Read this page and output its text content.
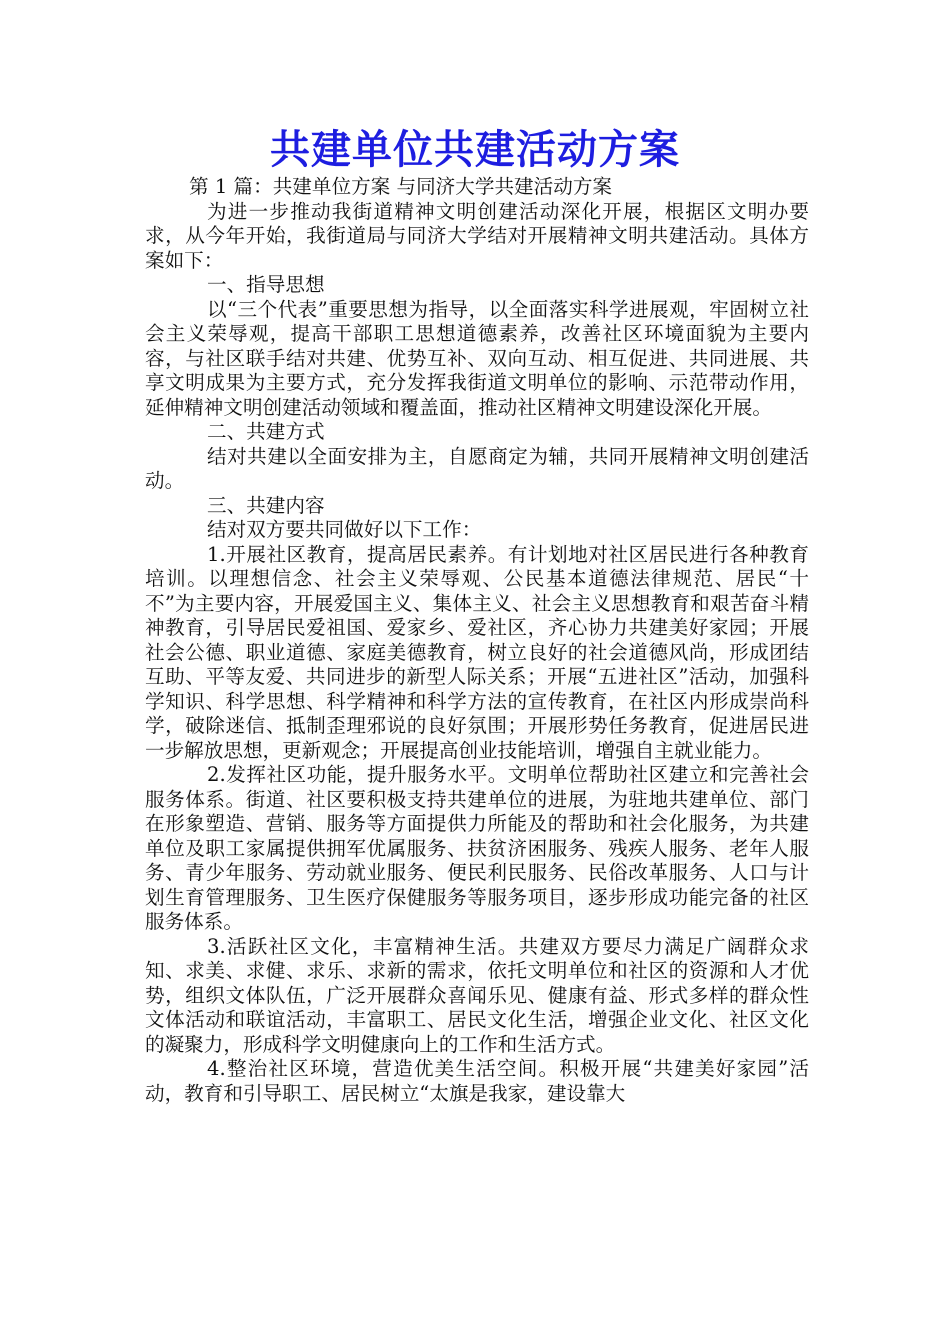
共建单位共建活动方案

第 1 篇：共建单位方案 与同济大学共建活动方案

为进一步推动我街道精神文明创建活动深化开展，根据区文明办要求，从今年开始，我街道局与同济大学结对开展精神文明共建活动。具体方案如下：

一、指导思想

以“三个代表”重要思想为指导，以全面落实科学进展观，牢固树立社会主义荣辱观，提高干部职工思想道德素养，改善社区环境面貌为主要内容，与社区联手结对共建、优势互补、双向互动、相互促进、共同进展、共享文明成果为主要方式，充分发挥我街道文明单位的影响、示范带动作用，延伸精神文明创建活动领域和覆盖面，推动社区精神文明建设深化开展。

二、共建方式

结对共建以全面安排为主，自愿商定为辅，共同开展精神文明创建活动。

三、共建内容

结对双方要共同做好以下工作：

1.开展社区教育，提高居民素养。有计划地对社区居民进行各种教育培训。以理想信念、社会主义荣辱观、公民基本道德法律规范、居民“十不”为主要内容，开展爱国主义、集体主义、社会主义思想教育和艰苦奋斗精神教育，引导居民爱祖国、爱家乡、爱社区，齐心协力共建美好家园；开展社会公德、职业道德、家庭美德教育，树立良好的社会道德风尚，形成团结互助、平等友爱、共同进步的新型人际关系；开展“五进社区”活动，加强科学知识、科学思想、科学精神和科学方法的宣传教育，在社区内形成崇尚科学，破除迷信、抵制歪理邪说的良好氛围；开展形势任务教育，促进居民进一步解放思想，更新观念；开展提高创业技能培训，增强自主就业能力。

2.发挥社区功能，提升服务水平。文明单位帮助社区建立和完善社会服务体系。街道、社区要积极支持共建单位的进展，为驻地共建单位、部门在形象塑造、营销、服务等方面提供力所能及的帮助和社会化服务，为共建单位及职工家属提供拥军优属服务、扶贫济困服务、残疾人服务、老年人服务、青少年服务、劳动就业服务、便民利民服务、民俗改革服务、人口与计划生育管理服务、卫生医疗保健服务等服务项目，逐步形成功能完备的社区服务体系。

3.活跃社区文化，丰富精神生活。共建双方要尽力满足广阔群众求知、求美、求健、求乐、求新的需求，依托文明单位和社区的资源和人才优势，组织文体队伍，广泛开展群众喜闻乐见、健康有益、形式多样的群众性文体活动和联谊活动，丰富职工、居民文化生活，增强企业文化、社区文化的凝聚力，形成科学文明健康向上的工作和生活方式。

4.整治社区环境，营造优美生活空间。积极开展“共建美好家园”活动，教育和引导职工、居民树立“太旗是我家，建设靠大
